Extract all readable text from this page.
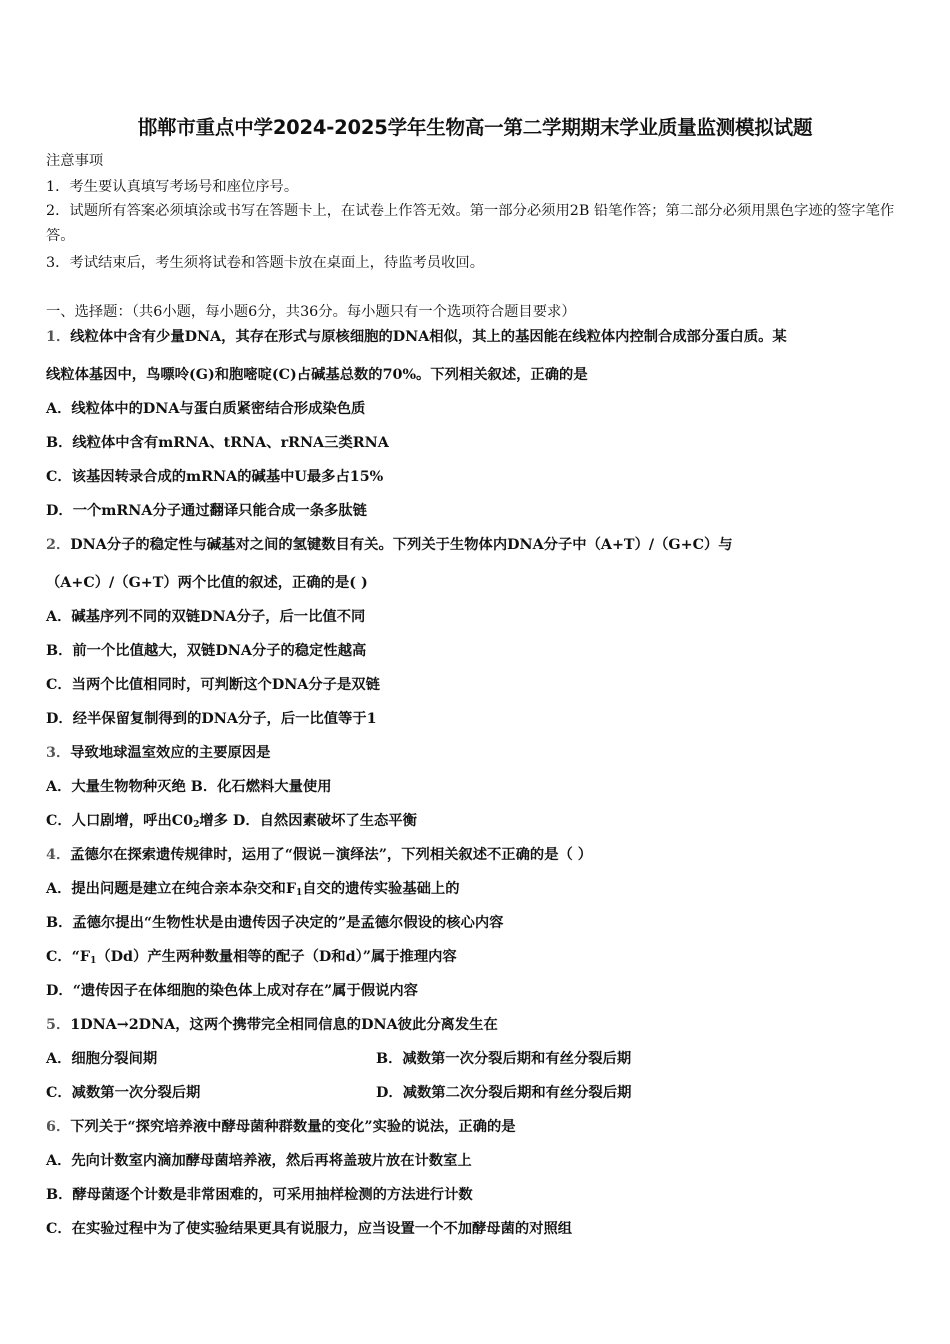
邯郸市重点中学2024-2025学年生物高一第二学期期末学业质量监测模拟试题
注意事项
1．考生要认真填写考场号和座位序号。
2．试题所有答案必须填涂或书写在答题卡上，在试卷上作答无效。第一部分必须用2B 铅笔作答；第二部分必须用黑色字迹的签字笔作答。
3．考试结束后，考生须将试卷和答题卡放在桌面上，待监考员收回。
一、选择题：（共6小题，每小题6分，共36分。每小题只有一个选项符合题目要求）
1．线粒体中含有少量DNA，其存在形式与原核细胞的DNA相似，其上的基因能在线粒体内控制合成部分蛋白质。某
线粒体基因中，鸟嘌呤(G)和胞嘧啶(C)占碱基总数的70%。下列相关叙述，正确的是
A．线粒体中的DNA与蛋白质紧密结合形成染色质
B．线粒体中含有mRNA、tRNA、rRNA三类RNA
C．该基因转录合成的mRNA的碱基中U最多占15%
D．一个mRNA分子通过翻译只能合成一条多肽链
2．DNA分子的稳定性与碱基对之间的氢键数目有关。下列关于生物体内DNA分子中（A+T）/（G+C）与
（A+C）/（G+T）两个比值的叙述，正确的是( )
A．碱基序列不同的双链DNA分子，后一比值不同
B．前一个比值越大，双链DNA分子的稳定性越高
C．当两个比值相同时，可判断这个DNA分子是双链
D．经半保留复制得到的DNA分子，后一比值等于1
3．导致地球温室效应的主要原因是
A．大量生物物种灭绝 B．化石燃料大量使用
C．人口剧增，呼出$C0_2$增多 D．自然因素破坏了生态平衡
4．孟德尔在探索遗传规律时，运用了“假说－演绎法”，下列相关叙述不正确的是（ ）
A．提出问题是建立在纯合亲本杂交和$F_1$自交的遗传实验基础上的
B．孟德尔提出“生物性状是由遗传因子决定的”是孟德尔假设的核心内容
C．“$F_1(Dd)$产生两种数量相等的配子（D和d）”属于推理内容
D．“遗传因子在体细胞的染色体上成对存在”属于假说内容
5．1DNA→2DNA，这两个携带完全相同信息的DNA彼此分离发生在
A．细胞分裂间期	B．减数第一次分裂后期和有丝分裂后期
C．减数第一次分裂后期	D．减数第二次分裂后期和有丝分裂后期
6．下列关于“探究培养液中酵母菌种群数量的变化”实验的说法，正确的是
A．先向计数室内滴加酵母菌培养液，然后再将盖玻片放在计数室上
B．酵母菌逐个计数是非常困难的，可采用抽样检测的方法进行计数
C．在实验过程中为了使实验结果更具有说服力，应当设置一个不加酵母菌的对照组
